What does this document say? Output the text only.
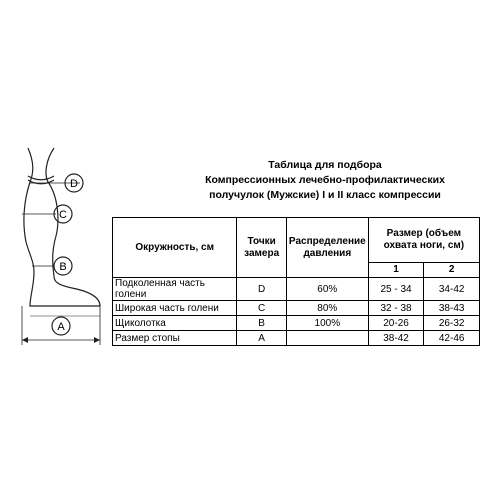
D
C
B
A
Таблица для подбора
Компрессионных лечебно-профилактических
получулок (Мужские) I и II класс компрессии
Окружность, см	Точки замера	Распределение давления	Размер (объем охвата ноги, см)	
			1	2
Подколенная часть голени	D	60%	25 - 34	34-42
Широкая часть голени	C	80%	32 - 38	38-43
Щиколотка	B	100%	20-26	26-32
Размер стопы	A		38-42	42-46
